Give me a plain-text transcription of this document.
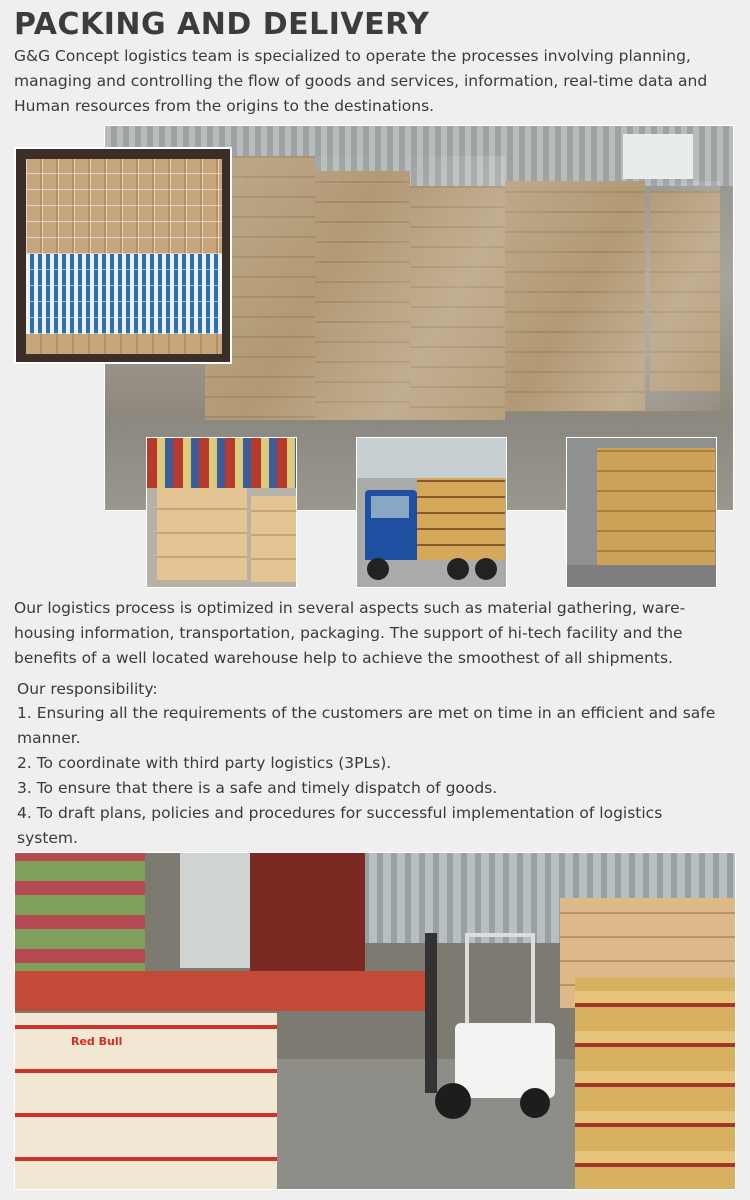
PACKING AND DELIVERY

G&G Concept logistics team is specialized to operate the processes involving planning, managing and controlling the flow of goods and services, information, real-time data and Human resources from the origins to the destinations.

Our logistics process is optimized in several aspects such as material gathering, ware-housing information, transportation, packaging. The support of hi-tech facility and the benefits of a well located warehouse help to achieve the smoothest of all shipments.

Our responsibility:

1. Ensuring all the requirements of the customers are met on time in an efficient and safe manner.
2. To coordinate with third party logistics (3PLs).
3. To ensure that there is a safe and timely dispatch of goods.
4. To draft plans, policies and procedures for successful implementation of logistics system.
Red Bull
